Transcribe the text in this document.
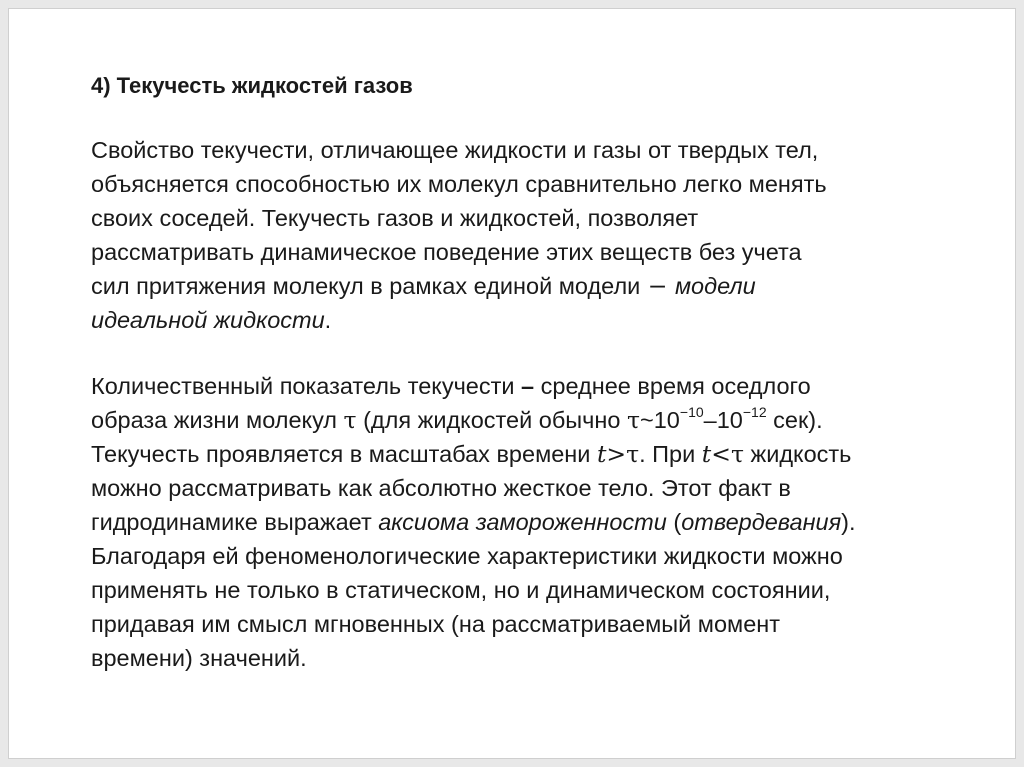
4) Текучесть жидкостей газов

Свойство текучести, отличающее жидкости и газы от твердых тел,
объясняется способностью их молекул сравнительно легко менять
своих соседей. Текучесть газов и жидкостей, позволяет
рассматривать динамическое поведение этих веществ без учета
сил притяжения молекул в рамках единой модели − модели
идеальной жидкости.

Количественный показатель текучести – среднее время оседлого
образа жизни молекул τ (для жидкостей обычно $\tau\sim 10^{-10}-10^{-12}$ сек).
Текучесть проявляется в масштабах времени t>τ. При t<τ жидкость
можно рассматривать как абсолютно жесткое тело. Этот факт в
гидродинамике выражает аксиома замороженности (отвердевания).
Благодаря ей феноменологические характеристики жидкости можно
применять не только в статическом, но и динамическом состоянии,
придавая им смысл мгновенных (на рассматриваемый момент
времени) значений.
